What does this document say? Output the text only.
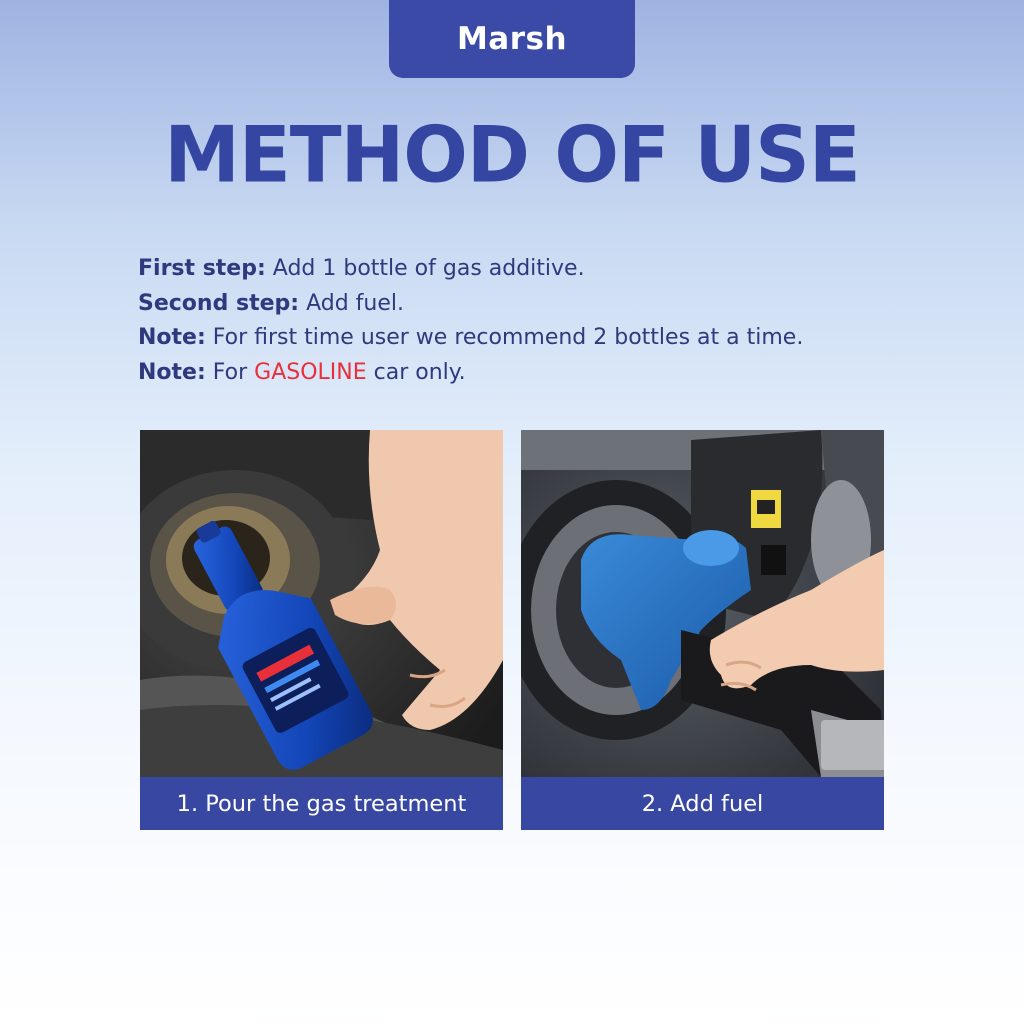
Marsh
METHOD OF USE
First step: Add 1 bottle of gas additive.
Second step: Add fuel.
Note: For first time user we recommend 2 bottles at a time.
Note: For GASOLINE car only.
1. Pour the gas treatment	2. Add fuel
